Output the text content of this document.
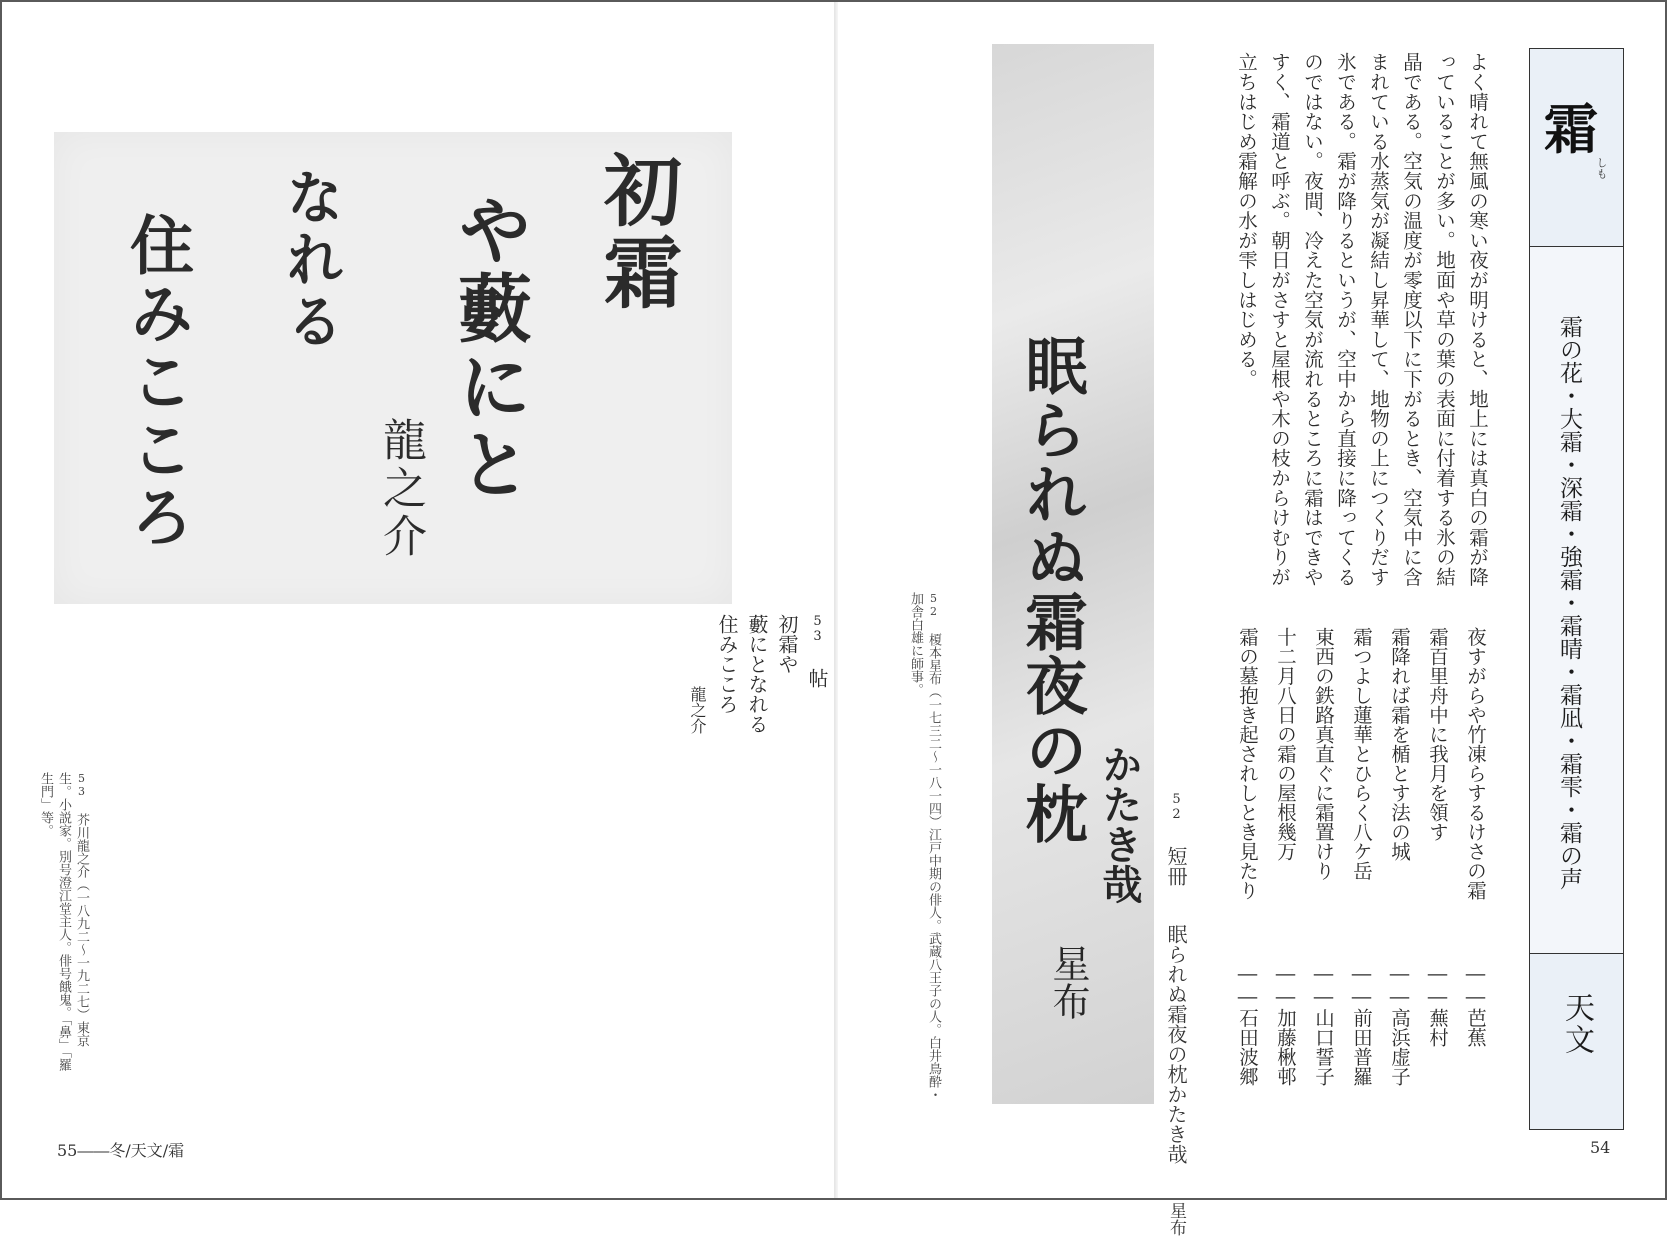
初霜
や藪にと
なれる
住みこころ	龍之介
53 帖
初霜や
藪にとなれる
住みこころ
龍之介
53 芥川龍之介（一八九二〜一九二七）東京生。小説家。別号澄江堂主人。俳号餓鬼。「鼻」「羅生門」等。
55――冬/天文/霜
52 榎本星布（一七三二〜一八一四）江戸中期の俳人。武蔵八王子の人。白井鳥酔・加舎白雄に師事。	眠られぬ霜夜の枕 かたき哉
星布
52 短冊 眠られぬ霜夜の枕かたき哉 星布
よく晴れて無風の寒い夜が明けると、地上には真白の霜が降っていることが多い。地面や草の葉の表面に付着する氷の結晶である。空気の温度が零度以下に下がるとき、空気中に含まれている水蒸気が凝結し昇華して、地物の上につくりだす氷である。霜が降りるというが、空中から直接に降ってくるのではない。夜間、冷えた空気が流れるところに霜はできやすく、霜道と呼ぶ。朝日がさすと屋根や木の枝からけむりが立ちはじめ霜解の水が雫しはじめる。
夜すがらや竹凍らするけさの霜
――芭蕉
霜百里舟中に我月を領す
――蕪村
霜降れば霜を楯とす法の城
――高浜虚子
霜つよし蓮華とひらく八ケ岳
――前田普羅
東西の鉄路真直ぐに霜置けり
――山口誓子
十二月八日の霜の屋根幾万
――加藤楸邨
霜の墓抱き起されしとき見たり
――石田波郷
霜
しも
霜の花・大霜・深霜・強霜・霜晴・霜凪・霜雫・霜の声
天文
54
